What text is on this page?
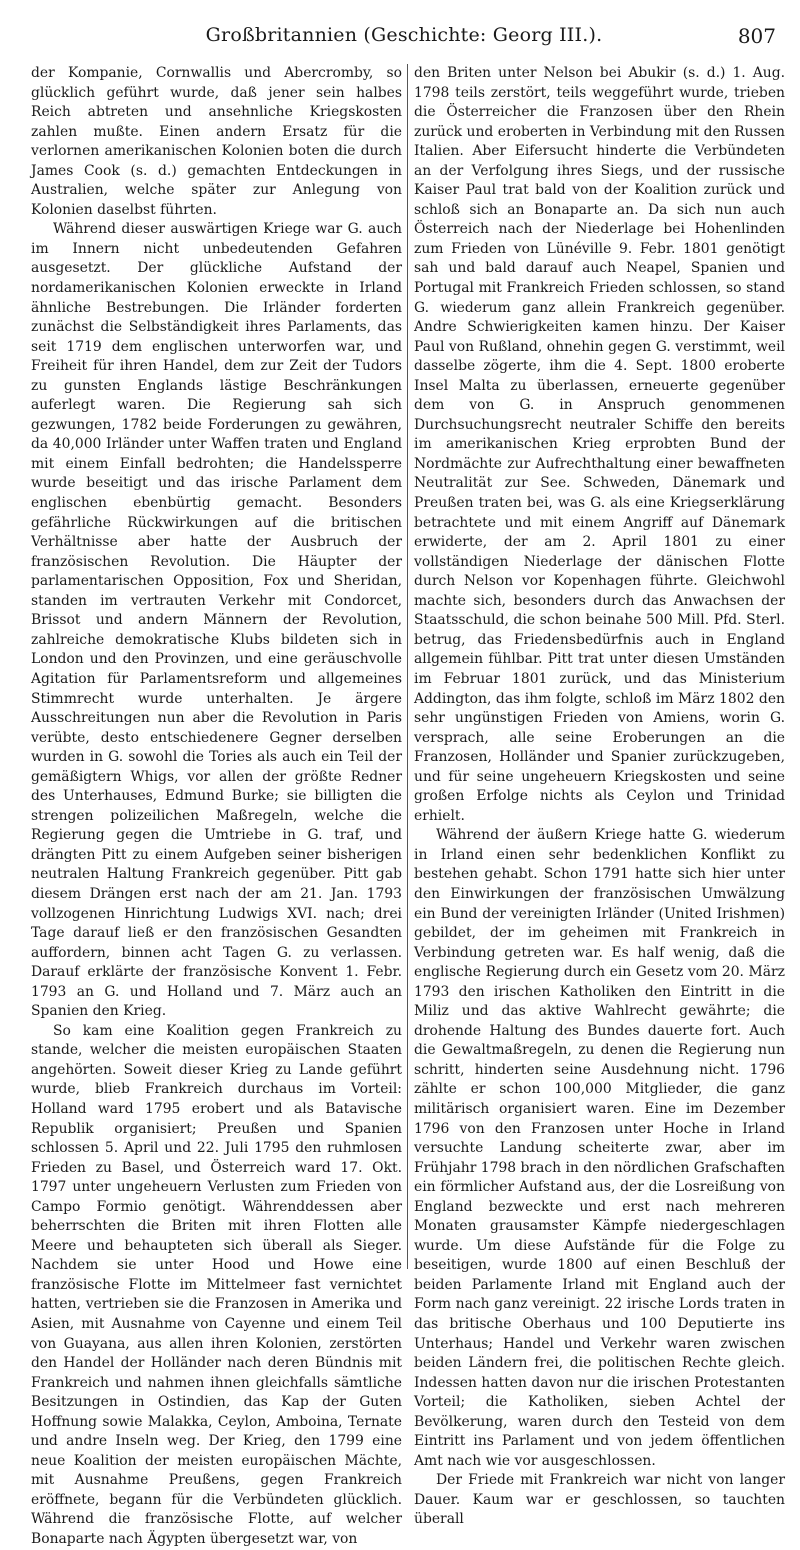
Großbritannien (Geschichte: Georg III.).	807

der Kompanie, Cornwallis und Abercromby, so glücklich geführt wurde, daß jener sein halbes Reich abtreten und ansehnliche Kriegskosten zahlen mußte. Einen andern Ersatz für die verlornen amerikanischen Kolonien boten die durch James Cook (s. d.) gemachten Entdeckungen in Australien, welche später zur Anlegung von Kolonien daselbst führten.

Während dieser auswärtigen Kriege war G. auch im Innern nicht unbedeutenden Gefahren ausgesetzt. Der glückliche Aufstand der nordamerikanischen Kolonien erweckte in Irland ähnliche Bestrebungen. Die Irländer forderten zunächst die Selbständigkeit ihres Parlaments, das seit 1719 dem englischen unterworfen war, und Freiheit für ihren Handel, dem zur Zeit der Tudors zu gunsten Englands lästige Beschränkungen auferlegt waren. Die Regierung sah sich gezwungen, 1782 beide Forderungen zu gewähren, da 40,000 Irländer unter Waffen traten und England mit einem Einfall bedrohten; die Handelssperre wurde beseitigt und das irische Parlament dem englischen ebenbürtig gemacht. Besonders gefährliche Rückwirkungen auf die britischen Verhältnisse aber hatte der Ausbruch der französischen Revolution. Die Häupter der parlamentarischen Opposition, Fox und Sheridan, standen im vertrauten Verkehr mit Condorcet, Brissot und andern Männern der Revolution, zahlreiche demokratische Klubs bildeten sich in London und den Provinzen, und eine geräuschvolle Agitation für Parlamentsreform und allgemeines Stimmrecht wurde unterhalten. Je ärgere Ausschreitungen nun aber die Revolution in Paris verübte, desto entschiedenere Gegner derselben wurden in G. sowohl die Tories als auch ein Teil der gemäßigtern Whigs, vor allen der größte Redner des Unterhauses, Edmund Burke; sie billigten die strengen polizeilichen Maßregeln, welche die Regierung gegen die Umtriebe in G. traf, und drängten Pitt zu einem Aufgeben seiner bisherigen neutralen Haltung Frankreich gegenüber. Pitt gab diesem Drängen erst nach der am 21. Jan. 1793 vollzogenen Hinrichtung Ludwigs XVI. nach; drei Tage darauf ließ er den französischen Gesandten auffordern, binnen acht Tagen G. zu verlassen. Darauf erklärte der französische Konvent 1. Febr. 1793 an G. und Holland und 7. März auch an Spanien den Krieg.

So kam eine Koalition gegen Frankreich zu stande, welcher die meisten europäischen Staaten angehörten. Soweit dieser Krieg zu Lande geführt wurde, blieb Frankreich durchaus im Vorteil: Holland ward 1795 erobert und als Batavische Republik organisiert; Preußen und Spanien schlossen 5. April und 22. Juli 1795 den ruhmlosen Frieden zu Basel, und Österreich ward 17. Okt. 1797 unter ungeheuern Verlusten zum Frieden von Campo Formio genötigt. Währenddessen aber beherrschten die Briten mit ihren Flotten alle Meere und behaupteten sich überall als Sieger. Nachdem sie unter Hood und Howe eine französische Flotte im Mittelmeer fast vernichtet hatten, vertrieben sie die Franzosen in Amerika und Asien, mit Ausnahme von Cayenne und einem Teil von Guayana, aus allen ihren Kolonien, zerstörten den Handel der Holländer nach deren Bündnis mit Frankreich und nahmen ihnen gleichfalls sämtliche Besitzungen in Ostindien, das Kap der Guten Hoffnung sowie Malakka, Ceylon, Amboina, Ternate und andre Inseln weg. Der Krieg, den 1799 eine neue Koalition der meisten europäischen Mächte, mit Ausnahme Preußens, gegen Frankreich eröffnete, begann für die Verbündeten glücklich. Während die französische Flotte, auf welcher Bonaparte nach Ägypten übergesetzt war, von

den Briten unter Nelson bei Abukir (s. d.) 1. Aug. 1798 teils zerstört, teils weggeführt wurde, trieben die Österreicher die Franzosen über den Rhein zurück und eroberten in Verbindung mit den Russen Italien. Aber Eifersucht hinderte die Verbündeten an der Verfolgung ihres Siegs, und der russische Kaiser Paul trat bald von der Koalition zurück und schloß sich an Bonaparte an. Da sich nun auch Österreich nach der Niederlage bei Hohenlinden zum Frieden von Lünéville 9. Febr. 1801 genötigt sah und bald darauf auch Neapel, Spanien und Portugal mit Frankreich Frieden schlossen, so stand G. wiederum ganz allein Frankreich gegenüber. Andre Schwierigkeiten kamen hinzu. Der Kaiser Paul von Rußland, ohnehin gegen G. verstimmt, weil dasselbe zögerte, ihm die 4. Sept. 1800 eroberte Insel Malta zu überlassen, erneuerte gegenüber dem von G. in Anspruch genommenen Durchsuchungsrecht neutraler Schiffe den bereits im amerikanischen Krieg erprobten Bund der Nordmächte zur Aufrechthaltung einer bewaffneten Neutralität zur See. Schweden, Dänemark und Preußen traten bei, was G. als eine Kriegserklärung betrachtete und mit einem Angriff auf Dänemark erwiderte, der am 2. April 1801 zu einer vollständigen Niederlage der dänischen Flotte durch Nelson vor Kopenhagen führte. Gleichwohl machte sich, besonders durch das Anwachsen der Staatsschuld, die schon beinahe 500 Mill. Pfd. Sterl. betrug, das Friedensbedürfnis auch in England allgemein fühlbar. Pitt trat unter diesen Umständen im Februar 1801 zurück, und das Ministerium Addington, das ihm folgte, schloß im März 1802 den sehr ungünstigen Frieden von Amiens, worin G. versprach, alle seine Eroberungen an die Franzosen, Holländer und Spanier zurückzugeben, und für seine ungeheuern Kriegskosten und seine großen Erfolge nichts als Ceylon und Trinidad erhielt.

Während der äußern Kriege hatte G. wiederum in Irland einen sehr bedenklichen Konflikt zu bestehen gehabt. Schon 1791 hatte sich hier unter den Einwirkungen der französischen Umwälzung ein Bund der vereinigten Irländer (United Irishmen) gebildet, der im geheimen mit Frankreich in Verbindung getreten war. Es half wenig, daß die englische Regierung durch ein Gesetz vom 20. März 1793 den irischen Katholiken den Eintritt in die Miliz und das aktive Wahlrecht gewährte; die drohende Haltung des Bundes dauerte fort. Auch die Gewaltmaßregeln, zu denen die Regierung nun schritt, hinderten seine Ausdehnung nicht. 1796 zählte er schon 100,000 Mitglieder, die ganz militärisch organisiert waren. Eine im Dezember 1796 von den Franzosen unter Hoche in Irland versuchte Landung scheiterte zwar, aber im Frühjahr 1798 brach in den nördlichen Grafschaften ein förmlicher Aufstand aus, der die Losreißung von England bezweckte und erst nach mehreren Monaten grausamster Kämpfe niedergeschlagen wurde. Um diese Aufstände für die Folge zu beseitigen, wurde 1800 auf einen Beschluß der beiden Parlamente Irland mit England auch der Form nach ganz vereinigt. 22 irische Lords traten in das britische Oberhaus und 100 Deputierte ins Unterhaus; Handel und Verkehr waren zwischen beiden Ländern frei, die politischen Rechte gleich. Indessen hatten davon nur die irischen Protestanten Vorteil; die Katholiken, sieben Achtel der Bevölkerung, waren durch den Testeid von dem Eintritt ins Parlament und von jedem öffentlichen Amt nach wie vor ausgeschlossen.

Der Friede mit Frankreich war nicht von langer Dauer. Kaum war er geschlossen, so tauchten überall
